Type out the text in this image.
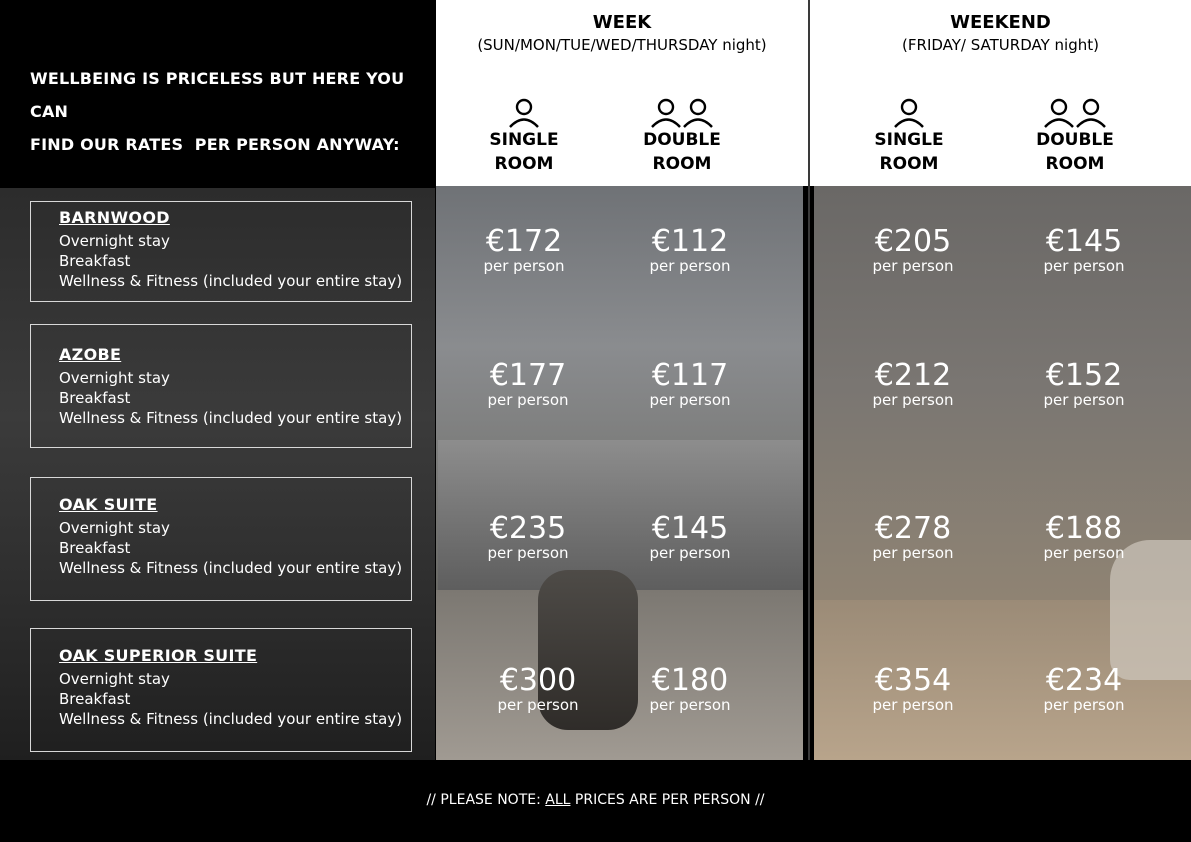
WELLBEING IS PRICELESS BUT HERE YOU CAN
FIND OUR RATES  PER PERSON ANYWAY:
WEEK
(SUN/MON/TUE/WED/THURSDAY night)
SINGLE
ROOM
DOUBLE
ROOM
WEEKEND
(FRIDAY/ SATURDAY night)
SINGLE
ROOM
DOUBLE
ROOM
BARNWOOD
Overnight stay
Breakfast
Wellness & Fitness (included your entire stay)
AZOBE
Overnight stay
Breakfast
Wellness & Fitness (included your entire stay)
OAK SUITE
Overnight stay
Breakfast
Wellness & Fitness (included your entire stay)
OAK SUPERIOR SUITE
Overnight stay
Breakfast
Wellness & Fitness (included your entire stay)
€172
per person
€112
per person
€205
per person
€145
per person
€177
per person
€117
per person
€212
per person
€152
per person
€235
per person
€145
per person
€278
per person
€188
per person
€300
per person
€180
per person
€354
per person
€234
per person
// PLEASE NOTE: ALL PRICES ARE PER PERSON //
